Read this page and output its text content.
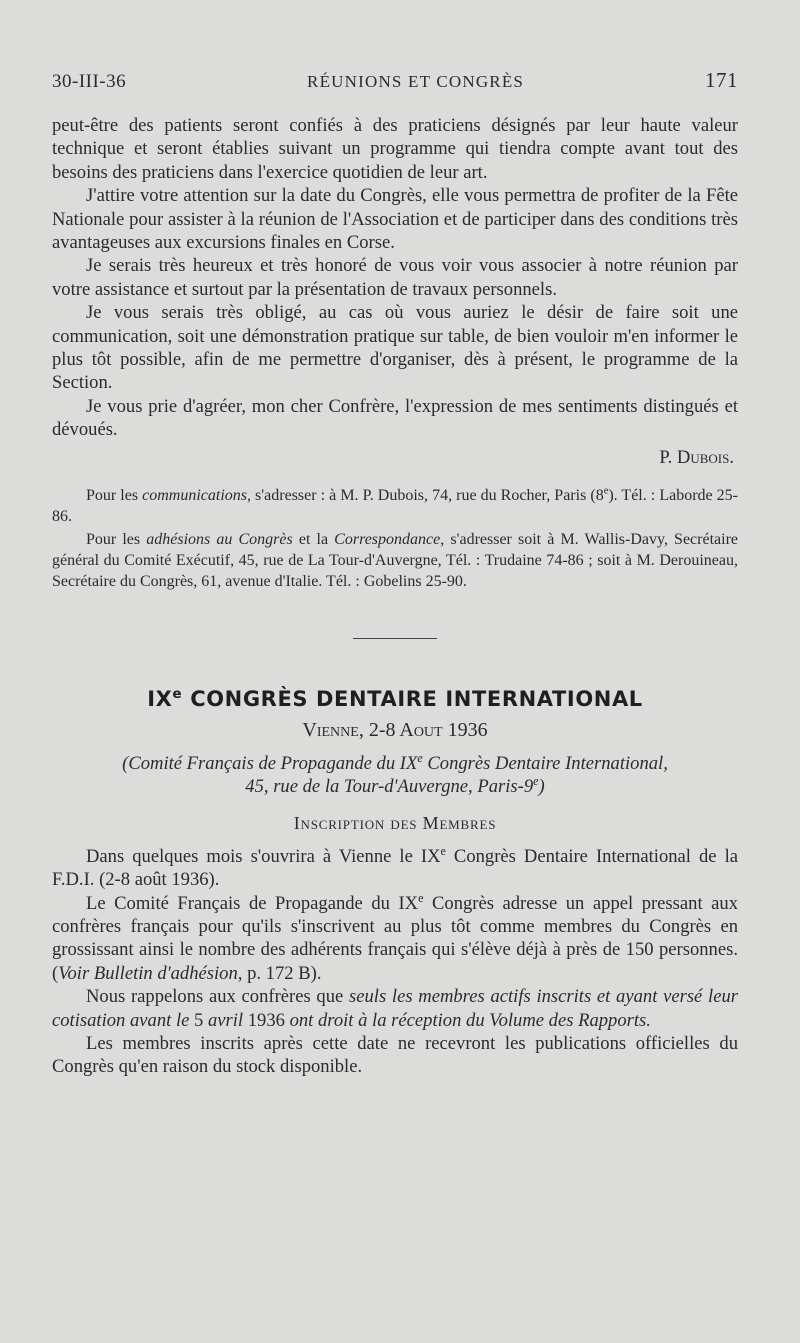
30-III-36	RÉUNIONS ET CONGRÈS	171

peut-être des patients seront confiés à des praticiens désignés par leur haute valeur technique et seront établies suivant un programme qui tiendra compte avant tout des besoins des praticiens dans l'exercice quotidien de leur art.

J'attire votre attention sur la date du Congrès, elle vous permettra de profiter de la Fête Nationale pour assister à la réunion de l'Association et de participer dans des conditions très avantageuses aux excursions finales en Corse.

Je serais très heureux et très honoré de vous voir vous associer à notre réunion par votre assistance et surtout par la présentation de travaux personnels.

Je vous serais très obligé, au cas où vous auriez le désir de faire soit une communication, soit une démonstration pratique sur table, de bien vouloir m'en informer le plus tôt possible, afin de me permettre d'organiser, dès à présent, le programme de la Section.

Je vous prie d'agréer, mon cher Confrère, l'expression de mes sentiments distingués et dévoués.

P. Dubois.

Pour les communications, s'adresser : à M. P. Dubois, 74, rue du Rocher, Paris (8e). Tél. : Laborde 25-86.

Pour les adhésions au Congrès et la Correspondance, s'adresser soit à M. Wallis-Davy, Secrétaire général du Comité Exécutif, 45, rue de La Tour-d'Auvergne, Tél. : Trudaine 74-86 ; soit à M. Derouineau, Secrétaire du Congrès, 61, avenue d'Italie. Tél. : Gobelins 25-90.

IXe CONGRÈS DENTAIRE INTERNATIONAL
Vienne, 2-8 Aout 1936
(Comité Français de Propagande du IXe Congrès Dentaire International,
45, rue de la Tour-d'Auvergne, Paris-9e)
Inscription des Membres

Dans quelques mois s'ouvrira à Vienne le IXe Congrès Dentaire International de la F.D.I. (2-8 août 1936).

Le Comité Français de Propagande du IXe Congrès adresse un appel pressant aux confrères français pour qu'ils s'inscrivent au plus tôt comme membres du Congrès en grossissant ainsi le nombre des adhérents français qui s'élève déjà à près de 150 personnes. (Voir Bulletin d'adhésion, p. 172 B).

Nous rappelons aux confrères que seuls les membres actifs inscrits et ayant versé leur cotisation avant le 5 avril 1936 ont droit à la réception du Volume des Rapports.

Les membres inscrits après cette date ne recevront les publications officielles du Congrès qu'en raison du stock disponible.
